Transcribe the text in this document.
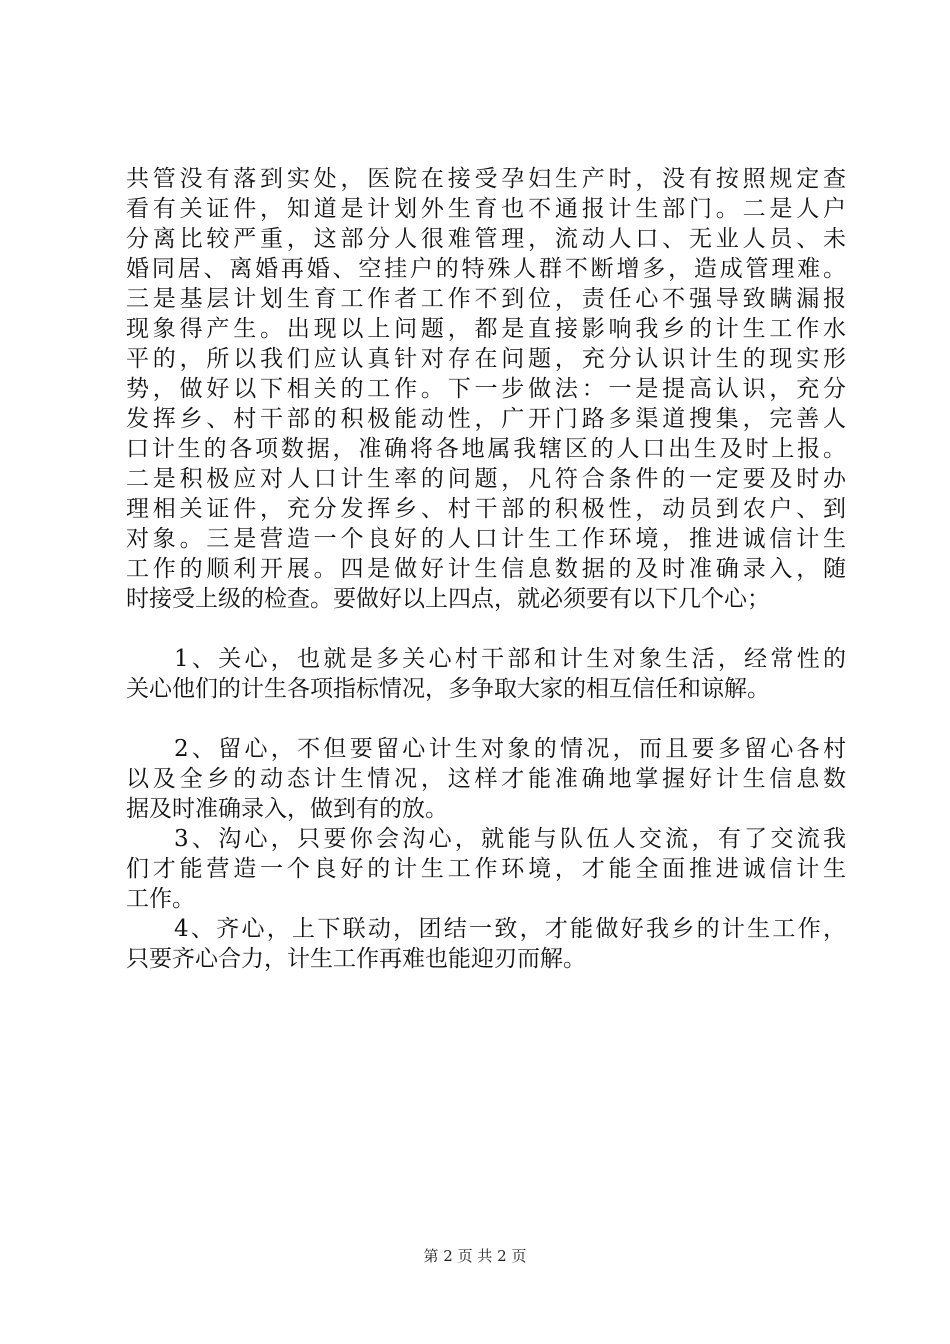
共管没有落到实处，医院在接受孕妇生产时，没有按照规定查
看有关证件，知道是计划外生育也不通报计生部门。二是人户
分离比较严重，这部分人很难管理，流动人口、无业人员、未
婚同居、离婚再婚、空挂户的特殊人群不断增多，造成管理难。
三是基层计划生育工作者工作不到位，责任心不强导致瞒漏报
现象得产生。出现以上问题，都是直接影响我乡的计生工作水
平的，所以我们应认真针对存在问题，充分认识计生的现实形
势，做好以下相关的工作。下一步做法：一是提高认识，充分
发挥乡、村干部的积极能动性，广开门路多渠道搜集，完善人
口计生的各项数据，准确将各地属我辖区的人口出生及时上报。
二是积极应对人口计生率的问题，凡符合条件的一定要及时办
理相关证件，充分发挥乡、村干部的积极性，动员到农户、到
对象。三是营造一个良好的人口计生工作环境，推进诚信计生
工作的顺利开展。四是做好计生信息数据的及时准确录入，随
时接受上级的检查。要做好以上四点，就必须要有以下几个心；
1、关心，也就是多关心村干部和计生对象生活，经常性的
关心他们的计生各项指标情况，多争取大家的相互信任和谅解。
2、留心，不但要留心计生对象的情况，而且要多留心各村
以及全乡的动态计生情况，这样才能准确地掌握好计生信息数
据及时准确录入，做到有的放。
3、沟心，只要你会沟心，就能与队伍人交流，有了交流我
们才能营造一个良好的计生工作环境，才能全面推进诚信计生
工作。
4、齐心，上下联动，团结一致，才能做好我乡的计生工作，
只要齐心合力，计生工作再难也能迎刃而解。
第 2 页 共 2 页
